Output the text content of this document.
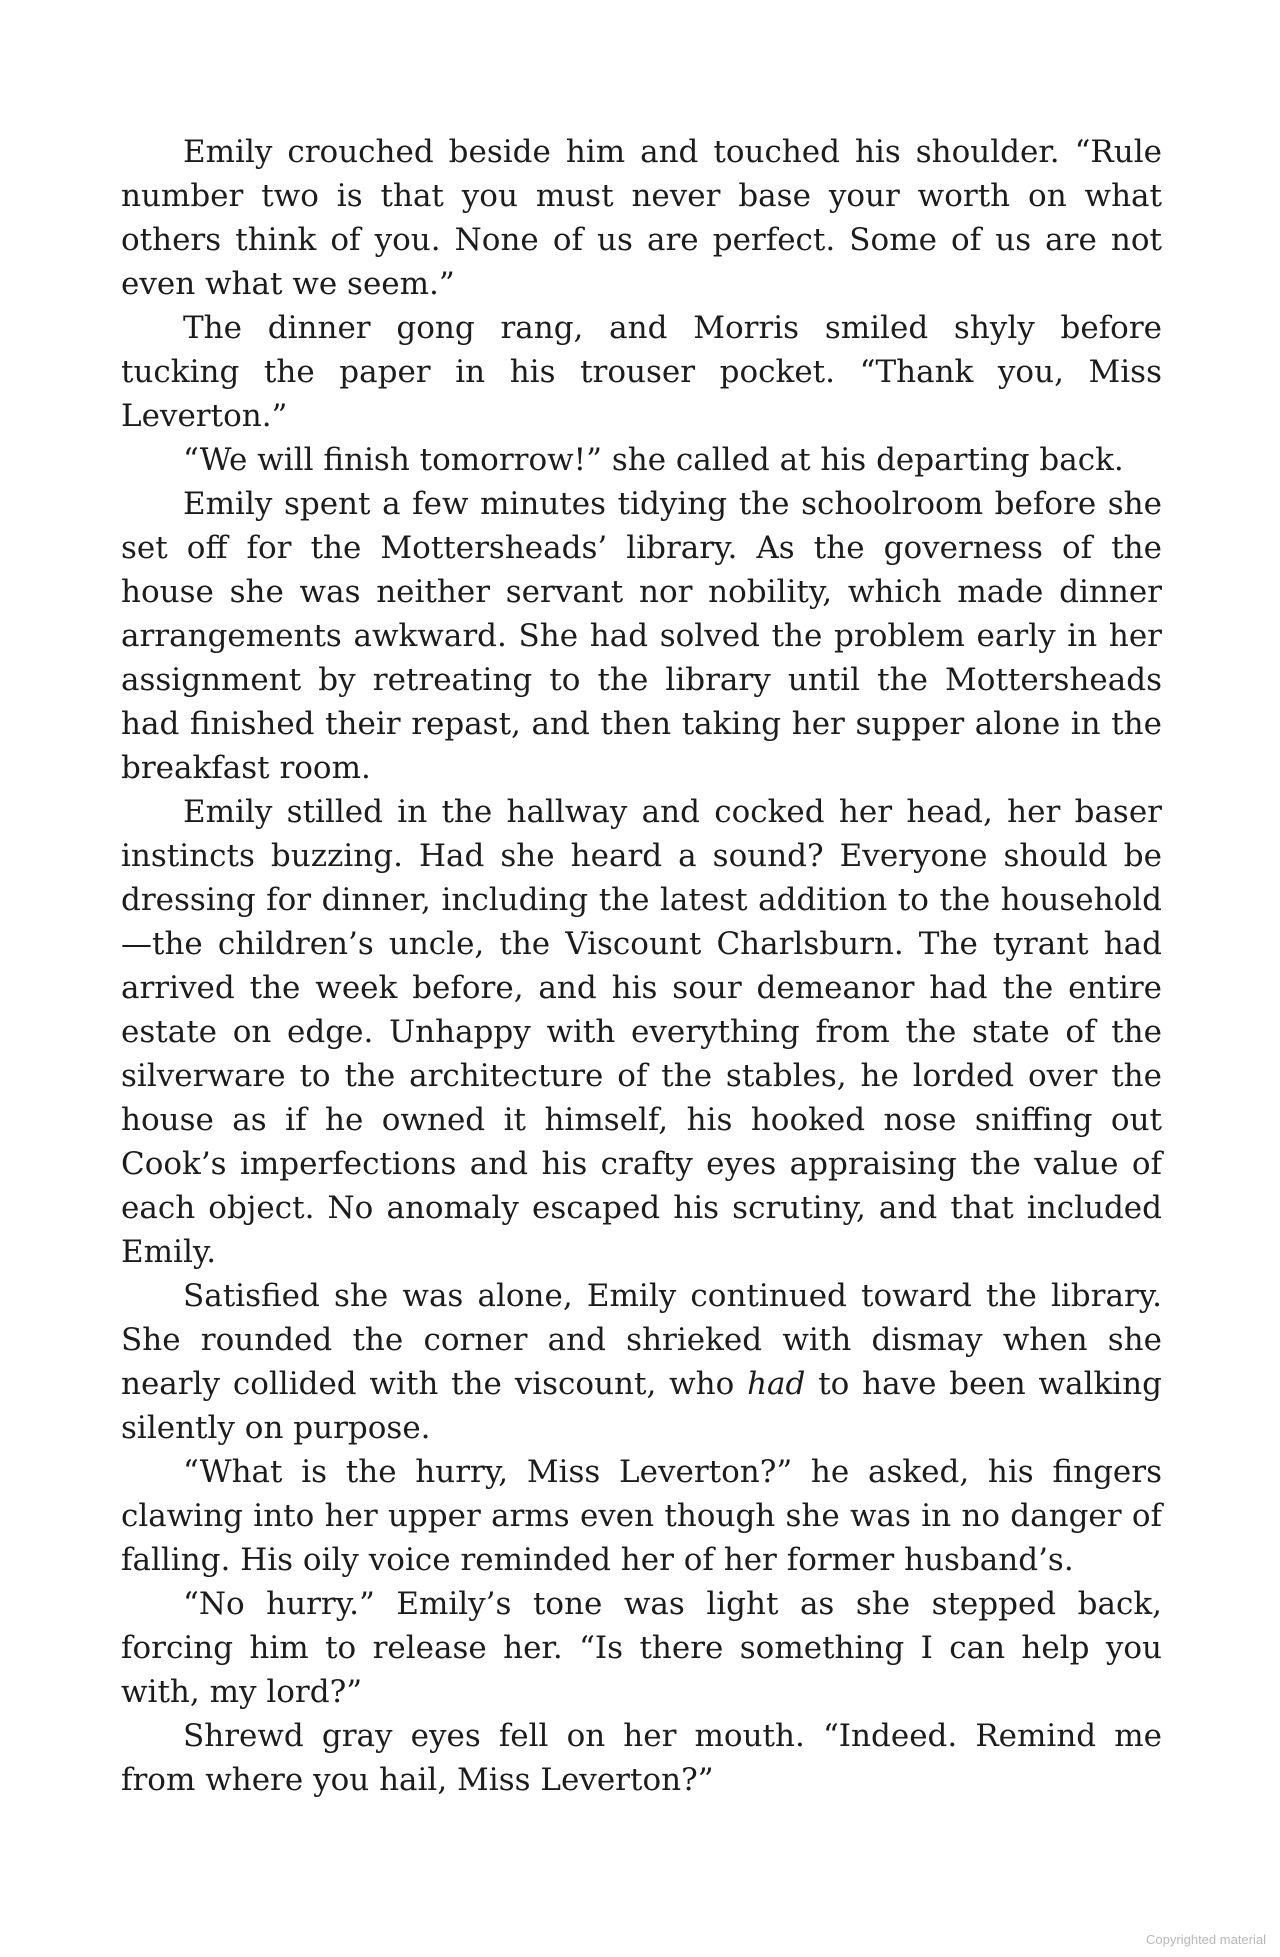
Emily crouched beside him and touched his shoulder. “Rule number two is that you must never base your worth on what others think of you. None of us are perfect. Some of us are not even what we seem.”

The dinner gong rang, and Morris smiled shyly before tucking the paper in his trouser pocket. “Thank you, Miss Leverton.”

“We will finish tomorrow!” she called at his departing back.

Emily spent a few minutes tidying the schoolroom before she set off for the Mottersheads’ library. As the governess of the house she was neither servant nor nobility, which made dinner arrangements awkward. She had solved the problem early in her assignment by retreating to the library until the Mottersheads had finished their repast, and then taking her supper alone in the breakfast room.

Emily stilled in the hallway and cocked her head, her baser instincts buzzing. Had she heard a sound? Everyone should be dressing for dinner, including the latest addition to the household—the children’s uncle, the Viscount Charlsburn. The tyrant had arrived the week before, and his sour demeanor had the entire estate on edge. Unhappy with everything from the state of the silverware to the architecture of the stables, he lorded over the house as if he owned it himself, his hooked nose sniffing out Cook’s imperfections and his crafty eyes appraising the value of each object. No anomaly escaped his scrutiny, and that included Emily.

Satisfied she was alone, Emily continued toward the library. She rounded the corner and shrieked with dismay when she nearly collided with the viscount, who had to have been walking silently on purpose.

“What is the hurry, Miss Leverton?” he asked, his fingers clawing into her upper arms even though she was in no danger of falling. His oily voice reminded her of her former husband’s.

“No hurry.” Emily’s tone was light as she stepped back, forcing him to release her. “Is there something I can help you with, my lord?”

Shrewd gray eyes fell on her mouth. “Indeed. Remind me from where you hail, Miss Leverton?”

Copyrighted material
